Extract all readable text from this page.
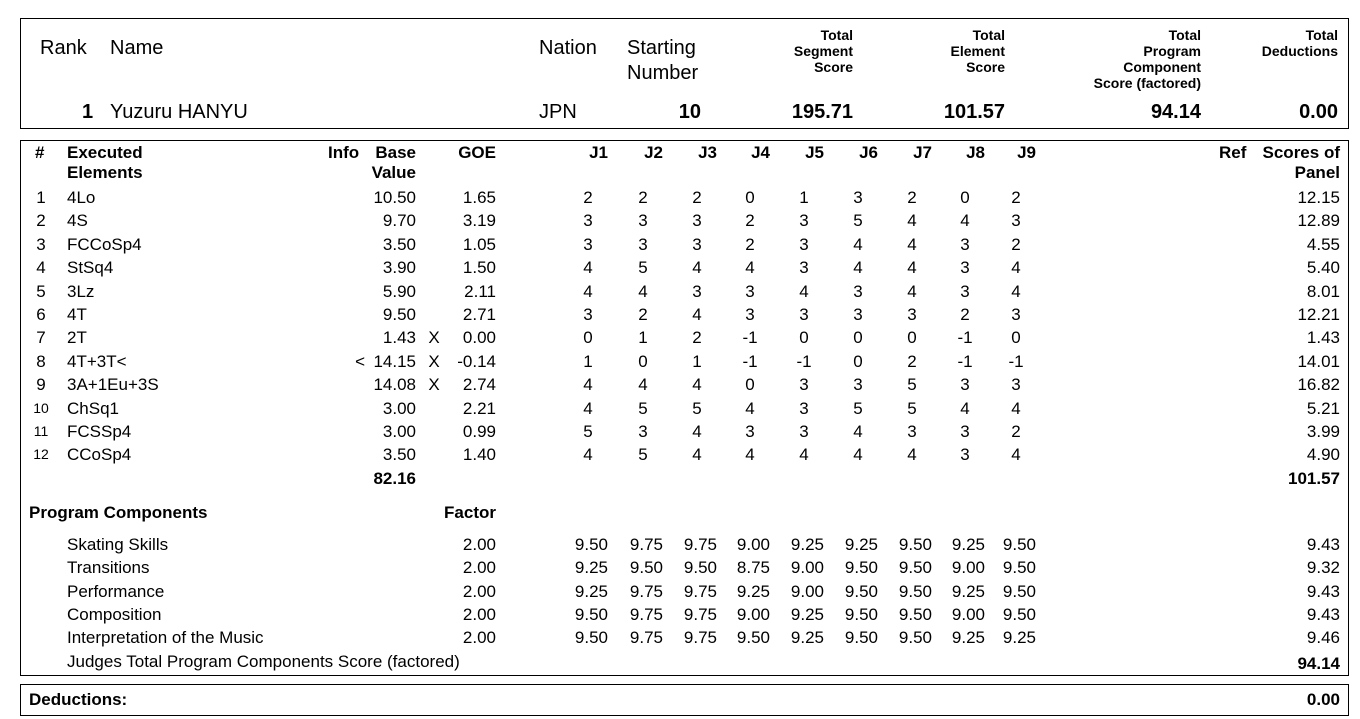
Rank Name	Nation Starting
Number
Total
Segment
Score
Total
Element
Score
Total
Program
Component
Score (factored)
Total
Deductions
1 Yuzuru HANYU	JPN	10	195.71	101.57	94.14	0.00
# Executed
Elements
Info Base
Value
GOE	J1	J2	J3	J4	J5	J6	J7	J8	J9	Ref Scores of
Panel
1	4Lo	10.50	1.65	2	2	2	0	1	3	2	0	2	12.15
2	4S	9.70	3.19	3	3	3	2	3	5	4	4	3	12.89
3	FCCoSp4	3.50	1.05	3	3	3	2	3	4	4	3	2	4.55
4	StSq4	3.90	1.50	4	5	4	4	3	4	4	3	4	5.40
5	3Lz	5.90	2.11	4	4	3	3	4	3	4	3	4	8.01
6	4T	9.50	2.71	3	2	4	3	3	3	3	2	3	12.21
7	2T	1.43 X	0.00	0	1	2	-1	0	0	0	-1	0	1.43
8	4T+3T<	< 14.15 X	-0.14	1	0	1	-1	-1	0	2	-1	-1	14.01
9	3A+1Eu+3S	14.08 X	2.74	4	4	4	0	3	3	5	3	3	16.82
10	ChSq1	3.00	2.21	4	5	5	4	3	5	5	4	4	5.21
11	FCSSp4	3.00	0.99	5	3	4	3	3	4	3	3	2	3.99
12	CCoSp4	3.50	1.40	4	5	4	4	4	4	4	3	4	4.90
82.16	101.57
Program Components	Factor
Skating Skills	2.00	9.50	9.75	9.75	9.00	9.25	9.25	9.50	9.25	9.50	9.43
Transitions	2.00	9.25	9.50	9.50	8.75	9.00	9.50	9.50	9.00	9.50	9.32
Performance	2.00	9.25	9.75	9.75	9.25	9.00	9.50	9.50	9.25	9.50	9.43
Composition	2.00	9.50	9.75	9.75	9.00	9.25	9.50	9.50	9.00	9.50	9.43
Interpretation of the Music	2.00	9.50	9.75	9.75	9.50	9.25	9.50	9.50	9.25	9.25	9.46
Judges Total Program Components Score (factored)	94.14
Deductions:	0.00
